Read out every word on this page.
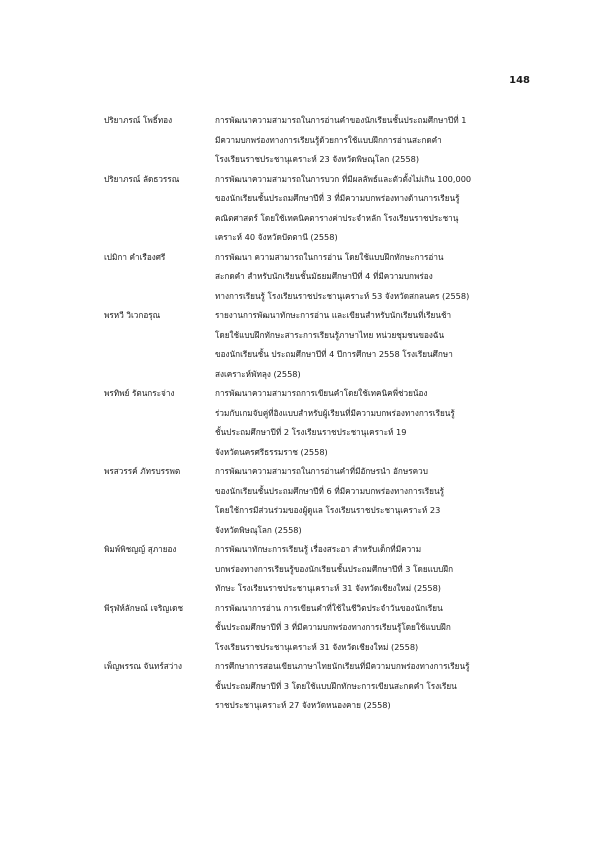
148
ปริยาภรณ์ โพธิ์ทอง	การพัฒนาความสามารถในการอ่านคำของนักเรียนชั้นประถมศึกษาปีที่ 1
มีความบกพร่องทางการเรียนรู้ด้วยการใช้แบบฝึกการอ่านสะกดคำ
โรงเรียนราชประชานุเคราะห์ 23 จังหวัดพิษณุโลก (2558)
ปริยาภรณ์ ลัดธวรรณ	การพัฒนาความสามารถในการบวก ที่มีผลลัพธ์และตัวตั้งไม่เกิน 100,000
ของนักเรียนชั้นประถมศึกษาปีที่ 3 ที่มีความบกพร่องทางด้านการเรียนรู้
คณิตศาสตร์ โดยใช้เทคนิคตารางค่าประจำหลัก โรงเรียนราชประชานุ
เคราะห์ 40 จังหวัดปัตตานี (2558)
เปมิกา คำเรืองศรี	การพัฒนา ความสามารถในการอ่าน โดยใช้แบบฝึกทักษะการอ่าน
สะกดคำ สำหรับนักเรียนชั้นมัธยมศึกษาปีที่ 4 ที่มีความบกพร่อง
ทางการเรียนรู้ โรงเรียนราชประชานุเคราะห์ 53 จังหวัดสกลนคร (2558)
พรหวี วิเวกอรุณ	รายงานการพัฒนาทักษะการอ่าน และเขียนสำหรับนักเรียนที่เรียนช้า
โดยใช้แบบฝึกทักษะสาระการเรียนรู้ภาษาไทย หน่วยชุมชนของฉัน
ของนักเรียนชั้น ประถมศึกษาปีที่ 4 ปีการศึกษา 2558 โรงเรียนศึกษา
สงเคราะห์พัทลุง (2558)
พรทิพย์ รัตนกระจ่าง	การพัฒนาความสามารถการเขียนคำโดยใช้เทคนิคพี่ช่วยน้อง
ร่วมกับเกมจับคู่ที่อิงแบบสำหรับผู้เรียนที่มีความบกพร่องทางการเรียนรู้
ชั้นประถมศึกษาปีที่ 2 โรงเรียนราชประชานุเคราะห์ 19
จังหวัดนครศรีธรรมราช (2558)
พรสวรรค์ ภัทรบรรพต	การพัฒนาความสามารถในการอ่านคำที่มีอักษรนำ อักษรควบ
ของนักเรียนชั้นประถมศึกษาปีที่ 6 ที่มีความบกพร่องทางการเรียนรู้
โดยใช้การมีส่วนร่วมของผู้ดูแล โรงเรียนราชประชานุเคราะห์ 23
จังหวัดพิษณุโลก (2558)
พิมพ์พิชญญ์ สุภายอง	การพัฒนาทักษะการเรียนรู้ เรื่องสระอา สำหรับเด็กที่มีความ
บกพร่องทางการเรียนรู้ของนักเรียนชั้นประถมศึกษาปีที่ 3 โดยแบบฝึก
ทักษะ โรงเรียนราชประชานุเคราะห์ 31 จังหวัดเชียงใหม่ (2558)
พีรุฬห์ลักษณ์ เจริญเดช	การพัฒนาการอ่าน การเขียนคำที่ใช้ในชีวิตประจำวันของนักเรียน
ชั้นประถมศึกษาปีที่ 3 ที่มีความบกพร่องทางการเรียนรู้โดยใช้แบบฝึก
โรงเรียนราชประชานุเคราะห์ 31 จังหวัดเชียงใหม่ (2558)
เพ็ญพรรณ จันทร์สว่าง	การศึกษาการสอนเขียนภาษาไทยนักเรียนที่มีความบกพร่องทางการเรียนรู้
ชั้นประถมศึกษาปีที่ 3 โดยใช้แบบฝึกทักษะการเขียนสะกดคำ โรงเรียน
ราชประชานุเคราะห์ 27 จังหวัดหนองคาย (2558)
